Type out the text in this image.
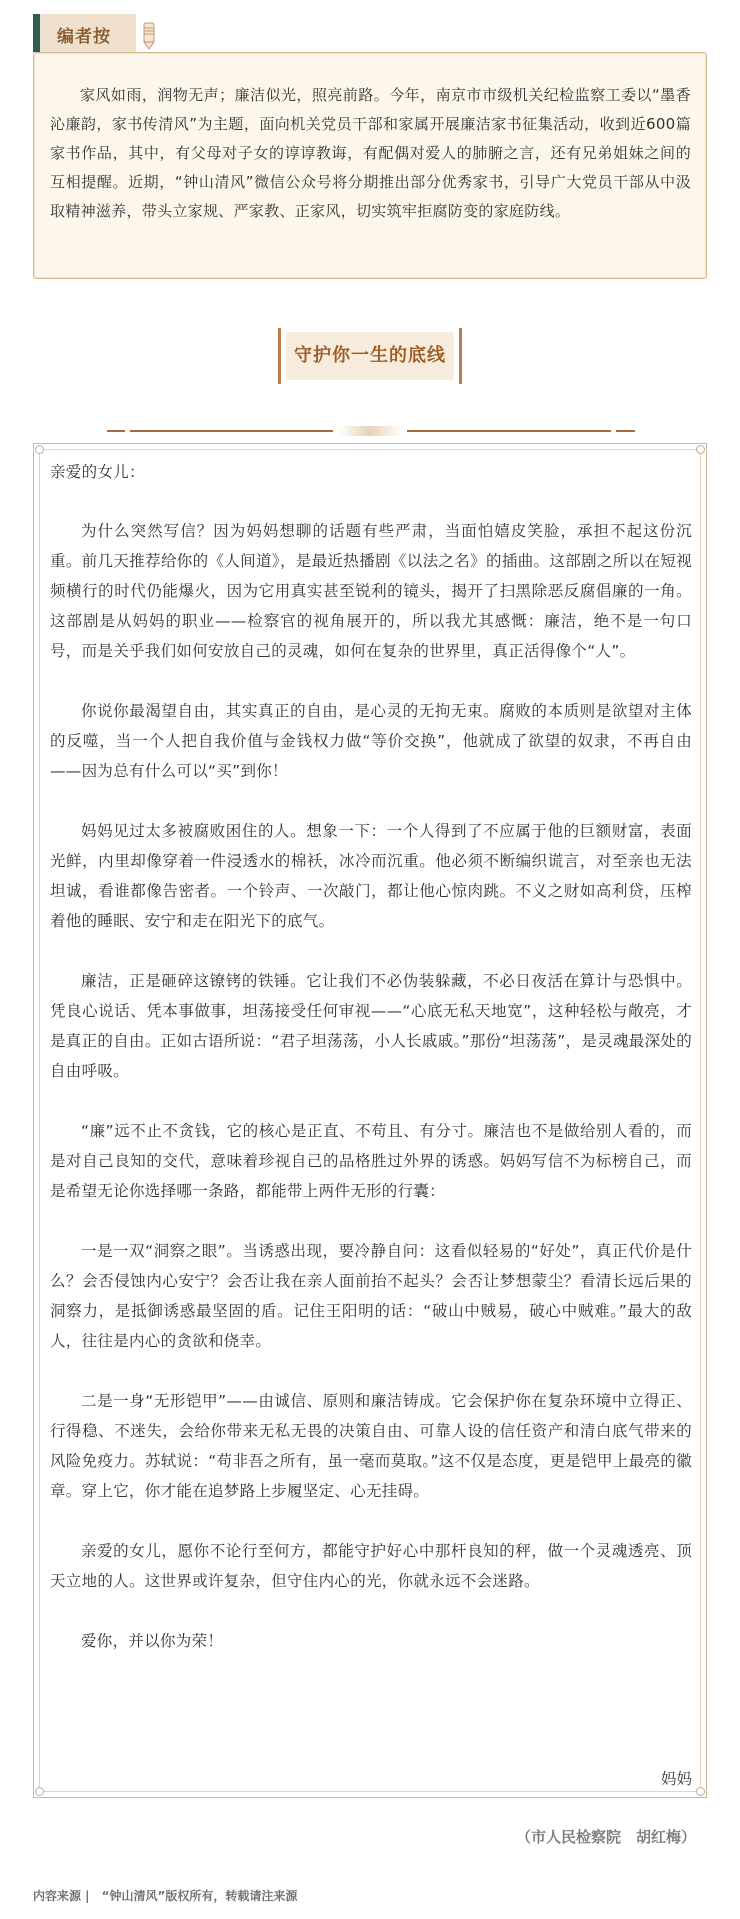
编者按

家风如雨，润物无声；廉洁似光，照亮前路。今年，南京市市级机关纪检监察工委以“墨香沁廉韵，家书传清风”为主题，面向机关党员干部和家属开展廉洁家书征集活动，收到近600篇家书作品，其中，有父母对子女的谆谆教诲，有配偶对爱人的肺腑之言，还有兄弟姐妹之间的互相提醒。近期，“钟山清风”微信公众号将分期推出部分优秀家书，引导广大党员干部从中汲取精神滋养，带头立家规、严家教、正家风，切实筑牢拒腐防变的家庭防线。

守护你一生的底线

亲爱的女儿：

为什么突然写信？因为妈妈想聊的话题有些严肃，当面怕嬉皮笑脸，承担不起这份沉重。前几天推荐给你的《人间道》，是最近热播剧《以法之名》的插曲。这部剧之所以在短视频横行的时代仍能爆火，因为它用真实甚至锐利的镜头，揭开了扫黑除恶反腐倡廉的一角。这部剧是从妈妈的职业——检察官的视角展开的，所以我尤其感慨：廉洁，绝不是一句口号，而是关乎我们如何安放自己的灵魂，如何在复杂的世界里，真正活得像个“人”。

你说你最渴望自由，其实真正的自由，是心灵的无拘无束。腐败的本质则是欲望对主体的反噬，当一个人把自我价值与金钱权力做“等价交换”，他就成了欲望的奴隶，不再自由——因为总有什么可以“买”到你！

妈妈见过太多被腐败困住的人。想象一下：一个人得到了不应属于他的巨额财富，表面光鲜，内里却像穿着一件浸透水的棉袄，冰冷而沉重。他必须不断编织谎言，对至亲也无法坦诚，看谁都像告密者。一个铃声、一次敲门，都让他心惊肉跳。不义之财如高利贷，压榨着他的睡眠、安宁和走在阳光下的底气。

廉洁，正是砸碎这镣铐的铁锤。它让我们不必伪装躲藏，不必日夜活在算计与恐惧中。凭良心说话、凭本事做事，坦荡接受任何审视——“心底无私天地宽”，这种轻松与敞亮，才是真正的自由。正如古语所说：“君子坦荡荡，小人长戚戚。”那份“坦荡荡”，是灵魂最深处的自由呼吸。

“廉”远不止不贪钱，它的核心是正直、不苟且、有分寸。廉洁也不是做给别人看的，而是对自己良知的交代，意味着珍视自己的品格胜过外界的诱惑。妈妈写信不为标榜自己，而是希望无论你选择哪一条路，都能带上两件无形的行囊：

一是一双“洞察之眼”。当诱惑出现，要冷静自问：这看似轻易的“好处”，真正代价是什么？会否侵蚀内心安宁？会否让我在亲人面前抬不起头？会否让梦想蒙尘？看清长远后果的洞察力，是抵御诱惑最坚固的盾。记住王阳明的话：“破山中贼易，破心中贼难。”最大的敌人，往往是内心的贪欲和侥幸。

二是一身“无形铠甲”——由诚信、原则和廉洁铸成。它会保护你在复杂环境中立得正、行得稳、不迷失，会给你带来无私无畏的决策自由、可靠人设的信任资产和清白底气带来的风险免疫力。苏轼说：“苟非吾之所有，虽一毫而莫取。”这不仅是态度，更是铠甲上最亮的徽章。穿上它，你才能在追梦路上步履坚定、心无挂碍。

亲爱的女儿，愿你不论行至何方，都能守护好心中那杆良知的秤，做一个灵魂透亮、顶天立地的人。这世界或许复杂，但守住内心的光，你就永远不会迷路。

爱你，并以你为荣！

妈妈
（市人民检察院　胡红梅）
内容来源 |　“钟山清风”版权所有，转载请注来源
